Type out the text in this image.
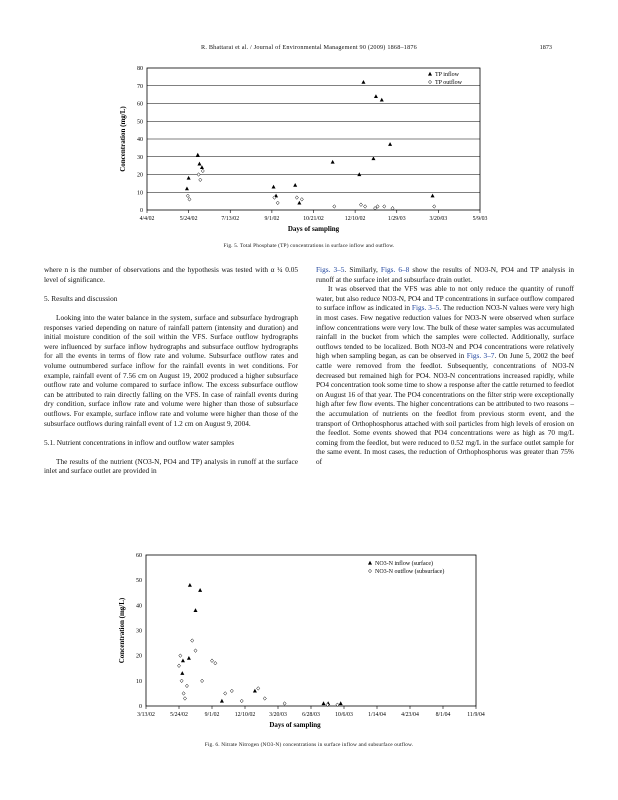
R. Bhattarai et al. / Journal of Environmental Management 90 (2009) 1868–1876	1873
0
10
20
30
40
50
60
70
80
4/4/02	5/24/02	7/13/02	9/1/02	10/21/02	12/10/02	1/29/03	3/20/03	5/9/03
Days of sampling
Concentration (mg/L)
TP inflow
TP outflow
Fig. 5. Total Phosphate (TP) concentrations in surface inflow and outflow.

where n is the number of observations and the hypothesis was tested with α ¼ 0.05 level of significance.

5. Results and discussion

Looking into the water balance in the system, surface and subsurface hydrograph responses varied depending on nature of rainfall pattern (intensity and duration) and initial moisture condition of the soil within the VFS. Surface outflow hydrographs were influenced by surface inflow hydrographs and subsurface outflow hydrographs for all the events in terms of flow rate and volume. Subsurface outflow rates and volume outnumbered surface inflow for the rainfall events in wet conditions. For example, rainfall event of 7.56 cm on August 19, 2002 produced a higher subsurface outflow rate and volume compared to surface inflow. The excess subsurface outflow can be attributed to rain directly falling on the VFS. In case of rainfall events during dry condition, surface inflow rate and volume were higher than those of subsurface outflows. For example, surface inflow rate and volume were higher than those of the subsurface outflows during rainfall event of 1.2 cm on August 9, 2004.

5.1. Nutrient concentrations in inflow and outflow water samples

The results of the nutrient (NO3-N, PO4 and TP) analysis in runoff at the surface inlet and surface outlet are provided in

Figs. 3–5. Similarly, Figs. 6–8 show the results of NO3-N, PO4 and TP analysis in runoff at the surface inlet and subsurface drain outlet.

It was observed that the VFS was able to not only reduce the quantity of runoff water, but also reduce NO3-N, PO4 and TP concentrations in surface outflow compared to surface inflow as indicated in Figs. 3–5. The reduction NO3-N values were very high in most cases. Few negative reduction values for NO3-N were observed when surface inflow concentrations were very low. The bulk of these water samples was accumulated rainfall in the bucket from which the samples were collected. Additionally, surface outflows tended to be localized. Both NO3-N and PO4 concentrations were relatively high when sampling began, as can be observed in Figs. 3–7. On June 5, 2002 the beef cattle were removed from the feedlot. Subsequently, concentrations of NO3-N decreased but remained high for PO4. NO3-N concentrations increased rapidly, while PO4 concentration took some time to show a response after the cattle returned to feedlot on August 16 of that year. The PO4 concentrations on the filter strip were exceptionally high after few flow events. The higher concentrations can be attributed to two reasons – the accumulation of nutrients on the feedlot from previous storm event, and the transport of Orthophosphorus attached with soil particles from high levels of erosion on the feedlot. Some events showed that PO4 concentrations were as high as 70 mg/L coming from the feedlot, but were reduced to 0.52 mg/L in the surface outlet sample for the same event. In most cases, the reduction of Orthophosphorus was greater than 75% of

0
10
20
30
40
50
60
3/13/02	5/24/02	9/1/02	12/10/02 3/20/03	6/28/03	10/6/03	1/14/04	4/23/04	8/1/04	11/9/04
Days of sampling
Concentration (mg/L)
NO3-N inflow (surface)
NO3-N outflow (subsurface)
Fig. 6. Nitrate Nitrogen (NO3-N) concentrations in surface inflow and subsurface outflow.
